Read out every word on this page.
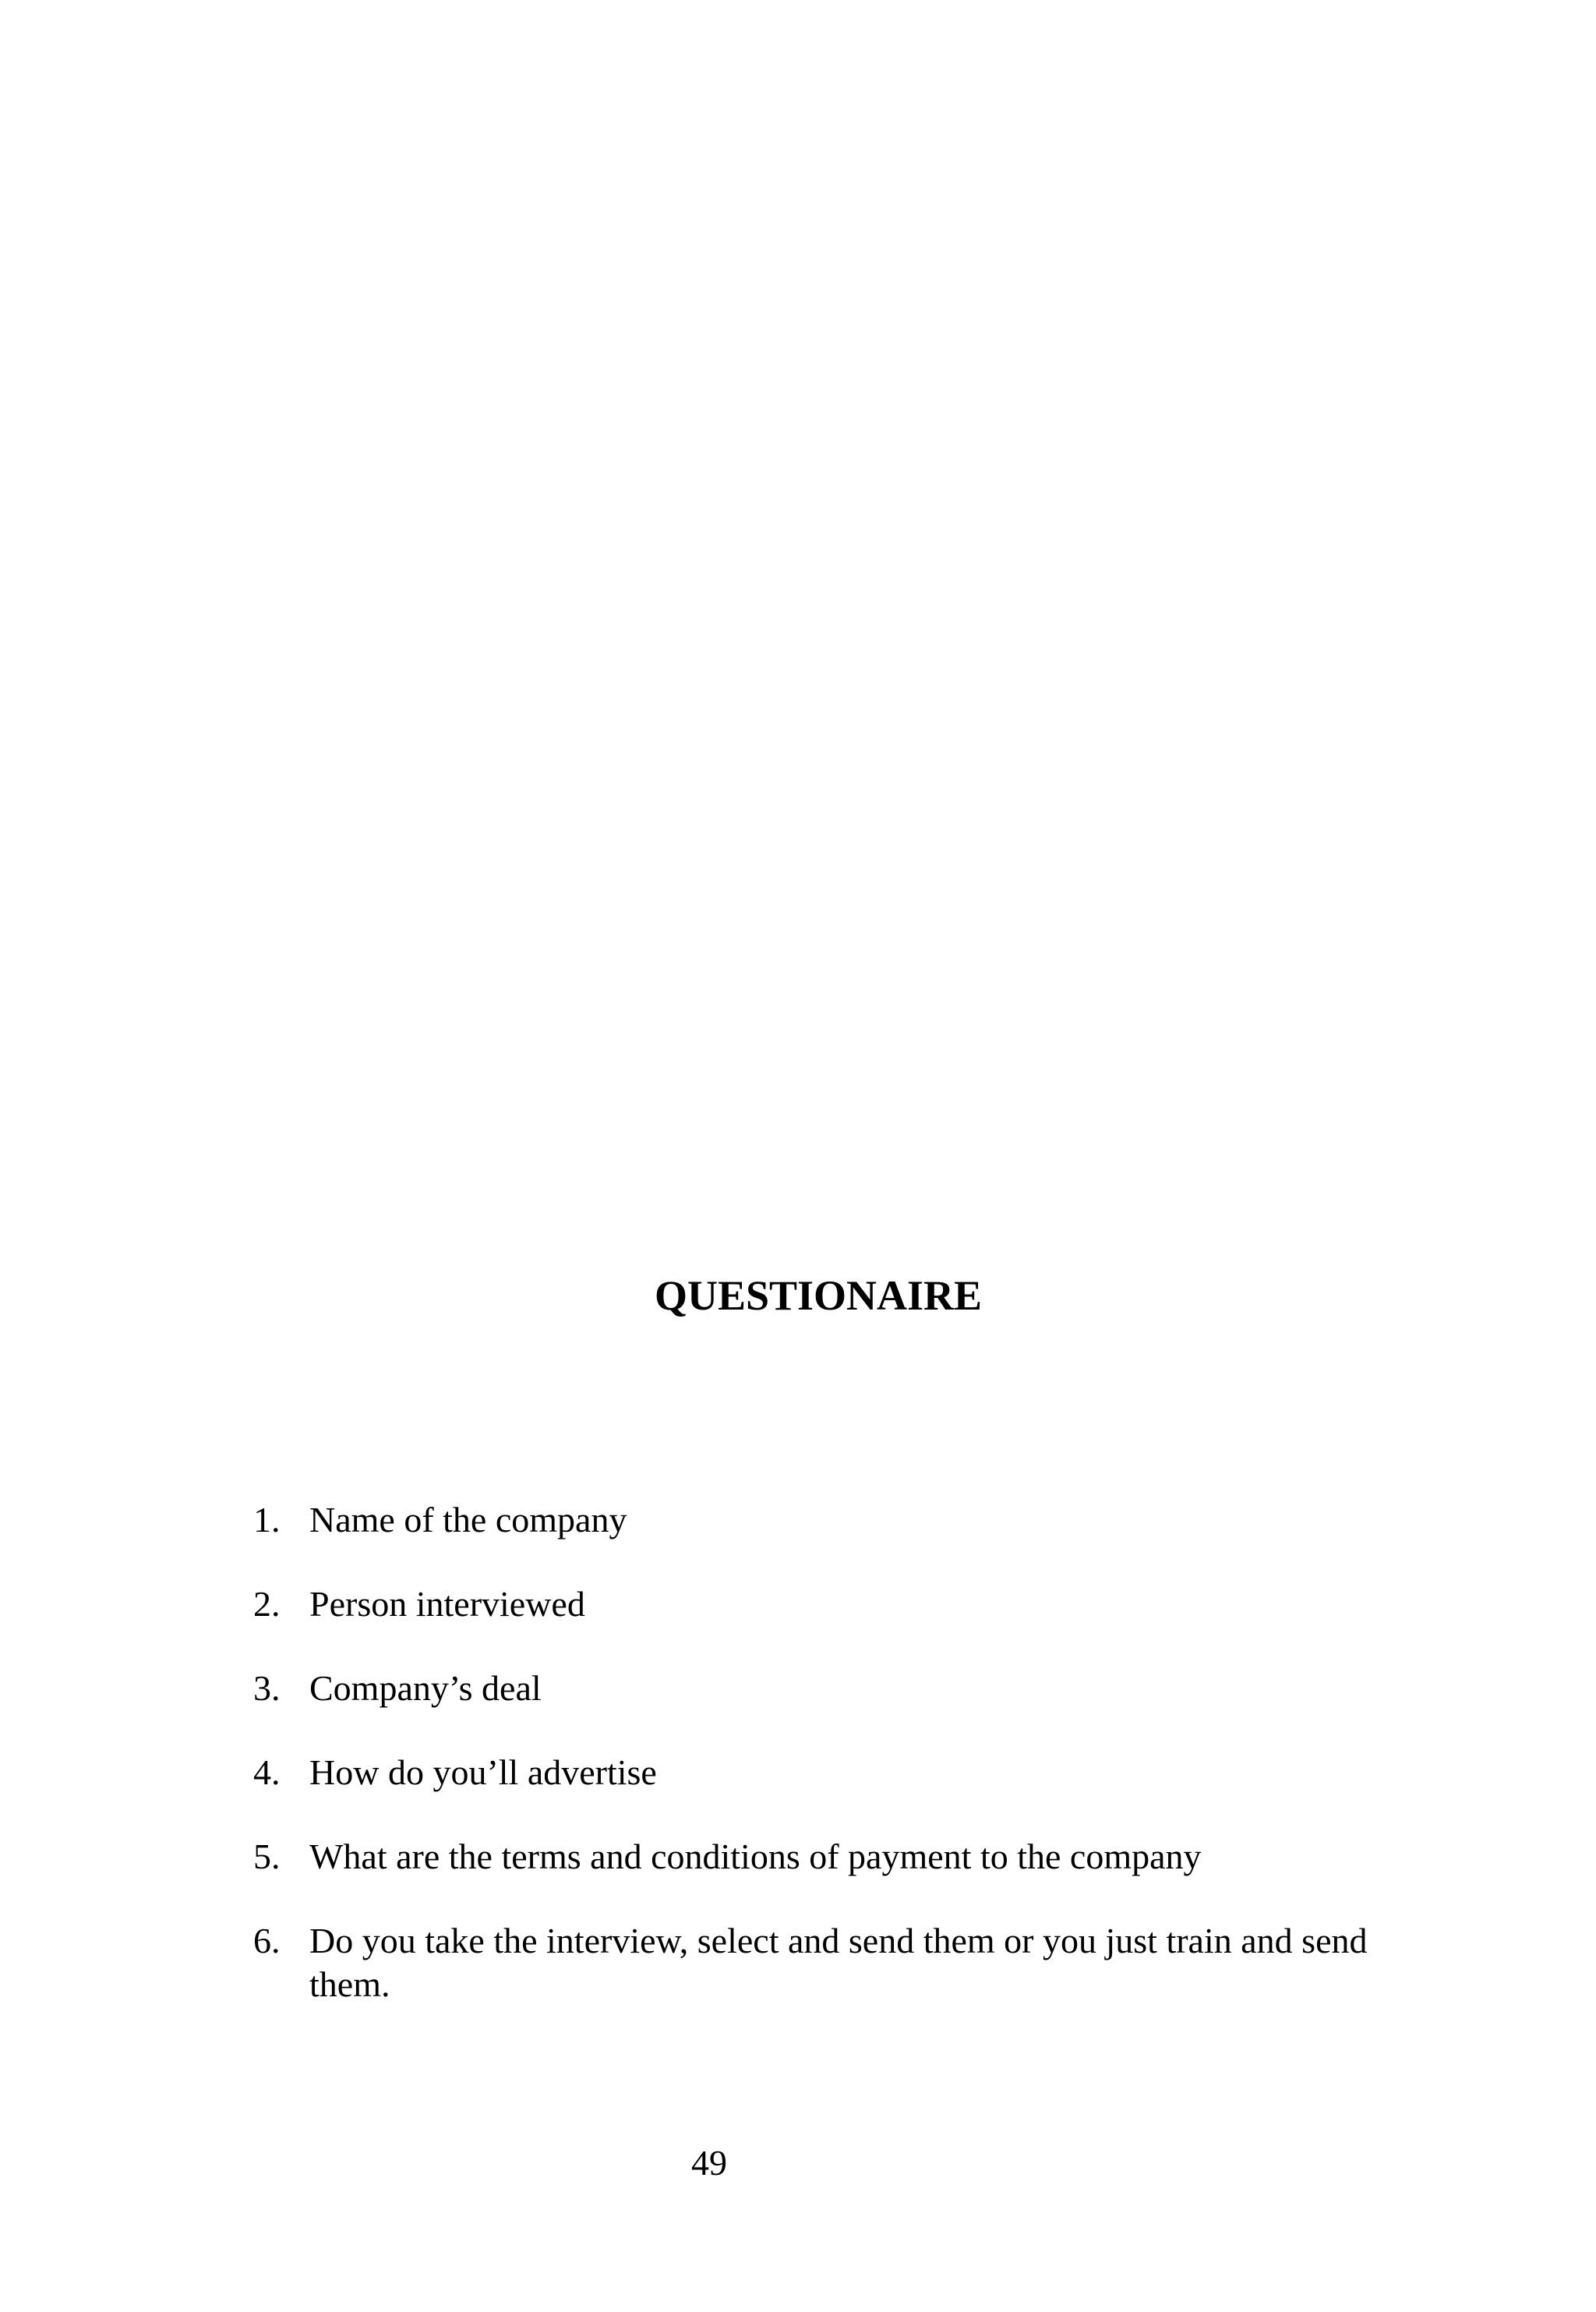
QUESTIONAIRE
1. Name of the company
2. Person interviewed
3. Company’s deal
4. How do you’ll advertise
5. What are the terms and conditions of payment to the company
6. Do you take the interview, select and send them or you just train and send them.
49
